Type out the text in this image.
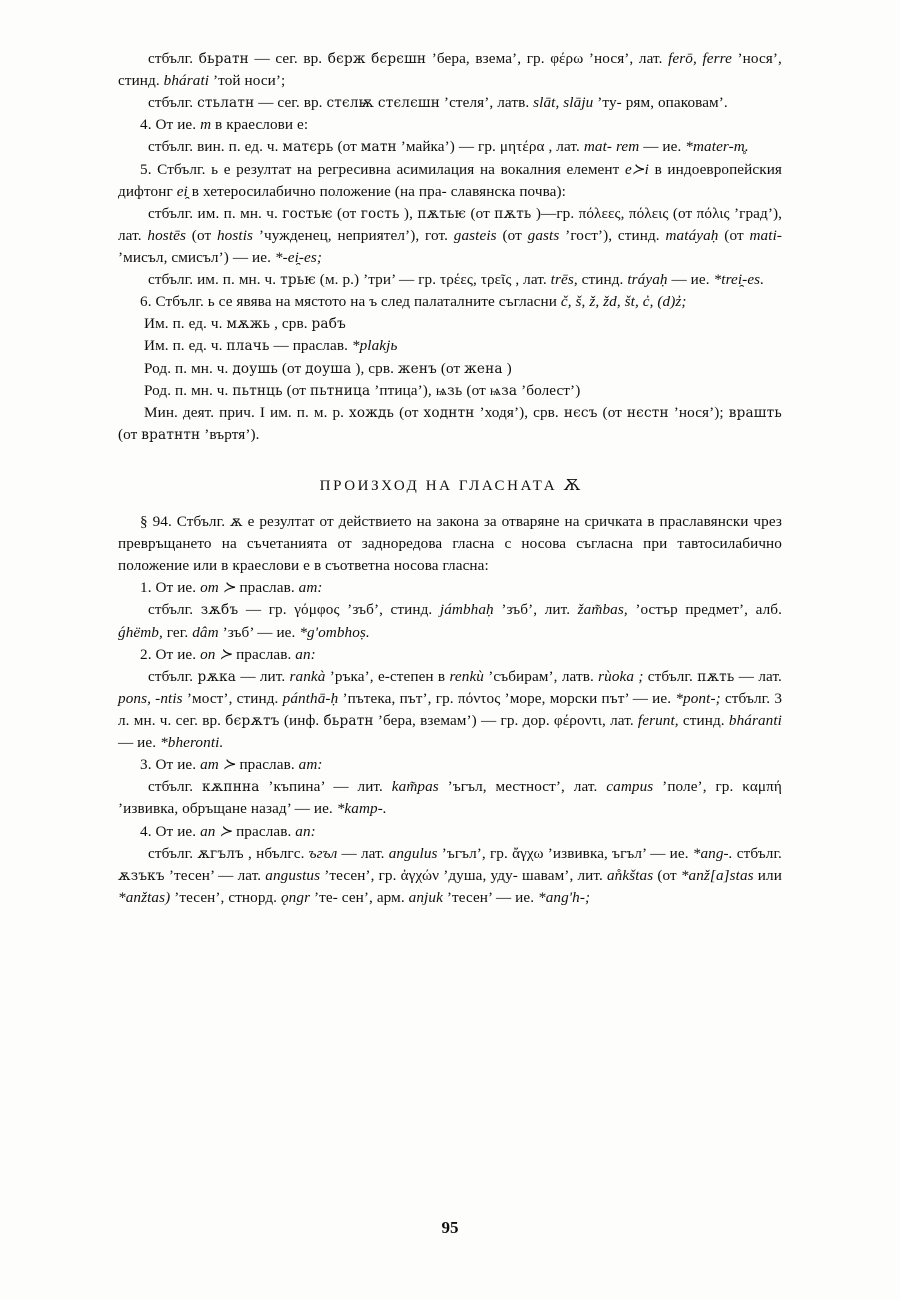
стбълг. бьратн — сег. вр. бєрж бєрєшн ’бера, взема’, гр. φέρω ’нося’, лат. ferō, ferre ’нося’, стинд. bhárati ’той носи’;
стбълг. стьлатн — сег. вр. стєлѭ стєлєшн ’стеля’, латв. slāt, slāju ’ту- рям, опаковам’.
4. От ие. m в краеслови е:
стбълг. вин. п. ед. ч. матєрь (от матн ’майка’) — гр. μητέρα , лат. mat- rem — ие. *mater-m̥.
5. Стбълг. ь е резултат на регресивна асимилация на вокалния елемент e≻i в индоевропейския дифтонг ei̯ в хетеросилабично положение (на пра- славянска почва):
стбълг. им. п. мн. ч. гостьѥ (от гость ), пѫтьѥ (от пѫть )—гр. πόλεες, πόλεις (от πόλις ’град’), лат. hostēs (от hostis ’чужденец, неприятел’), гот. gasteis (от gasts ’гост’), стинд. matáyaḥ (от mati- ’мисъл, смисъл’) — ие. *-ei̯-es;
стбълг. им. п. мн. ч. трьѥ (м. р.) ’три’ — гр. τρέες, τρεῖς , лат. trēs, стинд. tráyaḥ — ие. *trei̯-es.
6. Стбълг. ь се явява на мястото на ъ след палаталните съгласни č, š, ž, žd, št, c̓, (d)z̓;
Им. п. ед. ч. мѫжь , срв. рабъ
Им. п. ед. ч. плачь — праслав. *plakjь
Род. п. мн. ч. доушь (от доуша ), срв. женъ (от жена )
Род. п. мн. ч. пьтнць (от пьтница ’птица’), ѩзь (от ѩза ’болест’)
Мин. деят. прич. I им. п. м. р. хождь (от ходнтн ’ходя’), срв. нєсъ (от нєстн ’нося’); врашть (от вратнтн ’въртя’).
ПРОИЗХОД НА ГЛАСНАТА Ѫ
§ 94. Стбълг. ѫ е резултат от действието на закона за отваряне на сричката в праславянски чрез превръщането на съчетанията от заднoредова гласна с носова съгласна при тавтосилабично положение или в краеслови е в съответна носова гласна:
1. От ие. om ≻ праслав. am:
стбълг. зѫбъ — гр. γόμφος ’зъб’, стинд. jámbhaḥ ’зъб’, лит. žam̃bas, ’остър предмет’, алб. ǵhëmb, гег. dâm ’зъб’ — ие. *g'ombhoṣ.
2. От ие. on ≻ праслав. an:
стбълг. рѫка — лит. rankà ’ръка’, e-степен в renkù ’събирам’, латв. rùoka ; стбълг. пѫть — лат. pons, -ntis ’мост’, стинд. pánthā-ḥ ’пътека, път’, гр. πόντος ’море, морски път’ — ие. *pont-; стбълг. 3 л. мн. ч. сег. вр. бєрѫтъ (инф. бьратн ’бера, вземам’) — гр. дор. φέροντι, лат. ferunt, стинд. bháranti — ие. *bheronti.
3. От ие. am ≻ праслав. am:
стбълг. кѫпнна ’къпина’ — лит. kam̃pas ’ъгъл, местност’, лат. campus ’поле’, гр. καμπή ’извивка, обръщане назад’ — ие. *kamp-.
4. От ие. an ≻ праслав. an:
стбълг. ѫгълъ , нбългс. ъгъл — лат. angulus ’ъгъл’, гр. ἄγχω ’извивка, ъгъл’ — ие. *ang-. стбълг. ѫзъкъ ’тесен’ — лат. angustus ’тесен’, гр. ἀγχών ’душа, уду- шавам’, лит. an̊kštas (от *anž[a]stas или *anžtas) ’тесен’, стнорд. ǫngr ’те- сен’, арм. anjuk ’тесен’ — ие. *ang'h-;
95
